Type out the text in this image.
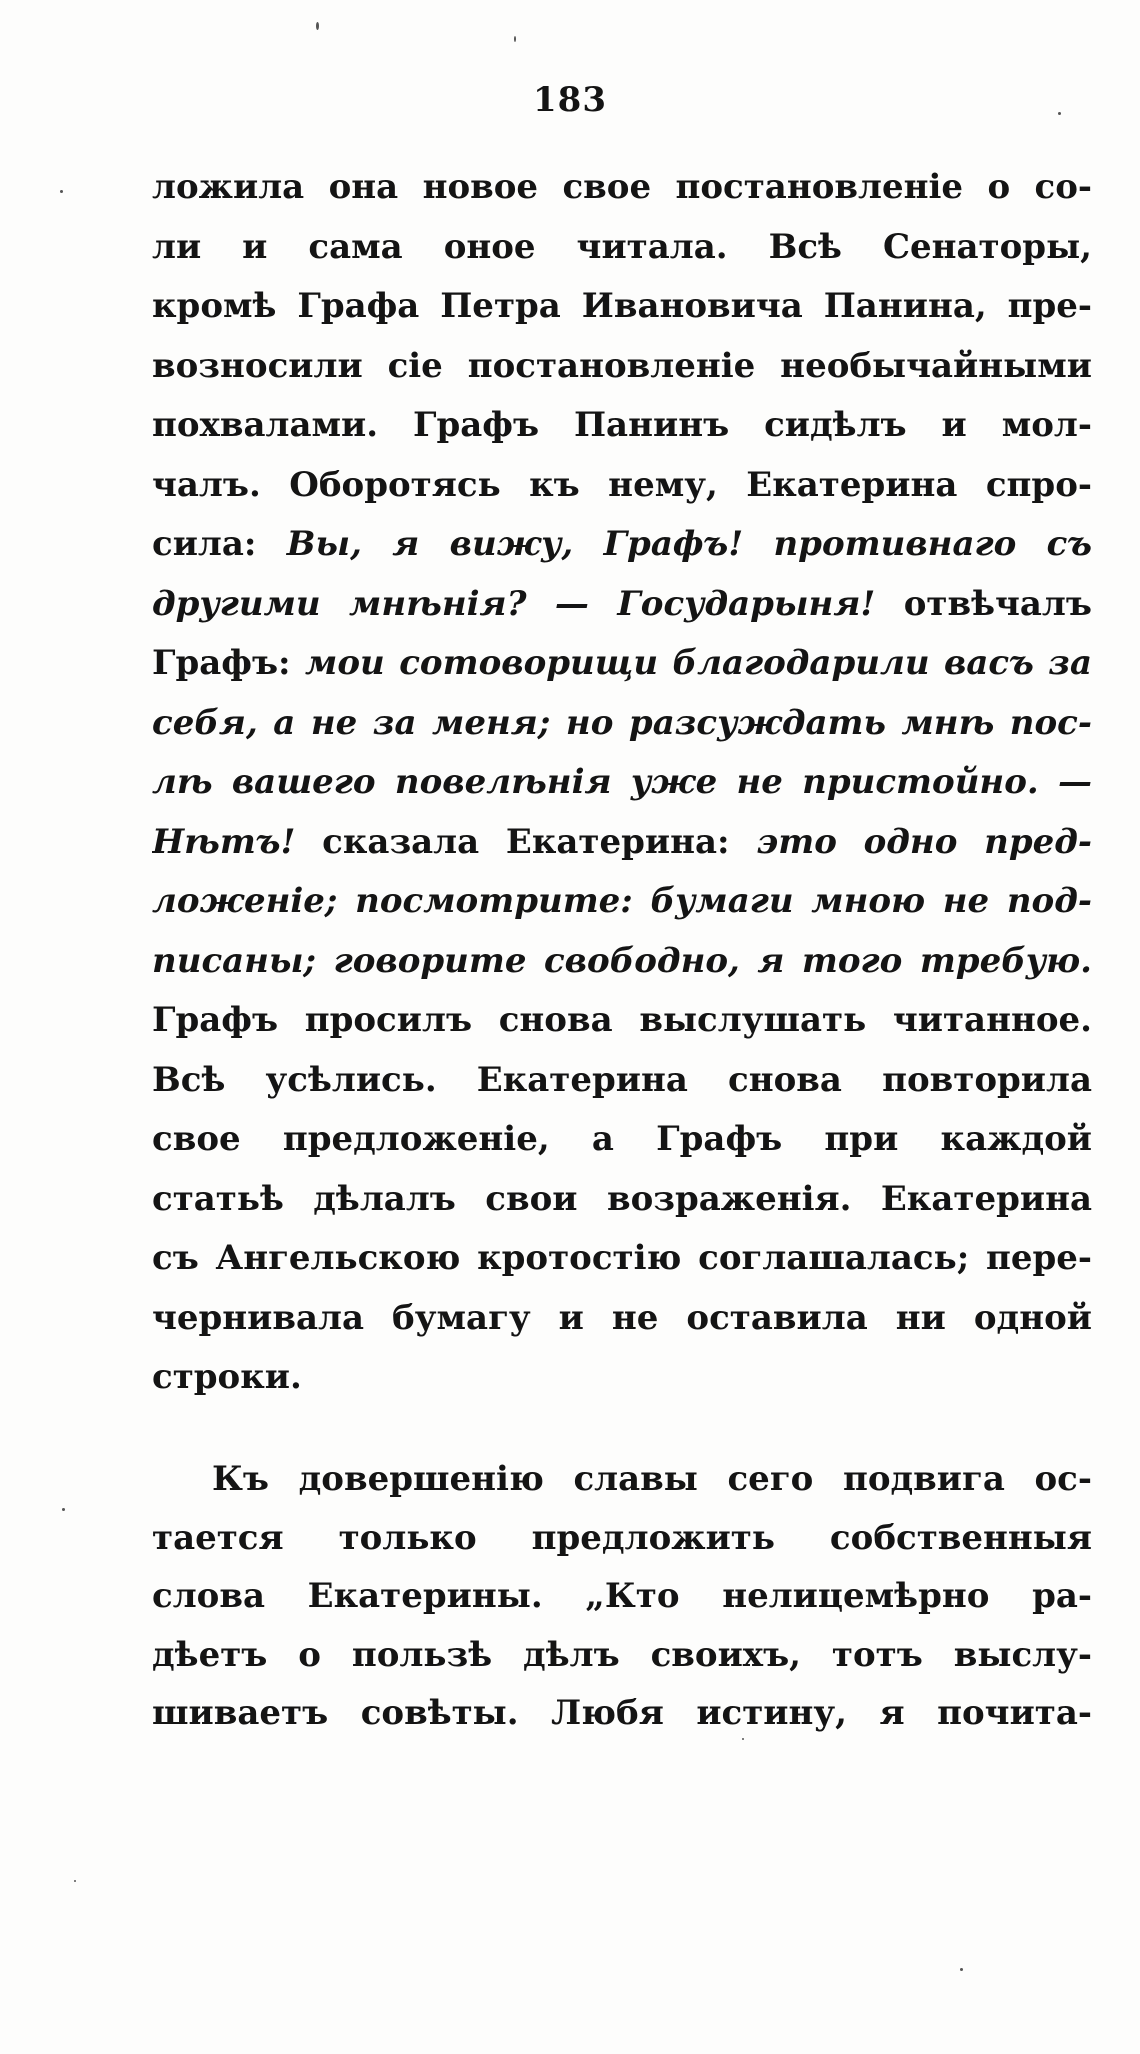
183
ложила она новое свое постановленіе о со-
ли и сама оное читала. Всѣ Сенаторы,
кромѣ Графа Петра Ивановича Панина, пре-
возносили сіе постановленіе необычайными
похвалами. Графъ Панинъ сидѣлъ и мол-
чалъ. Оборотясь къ нему, Екатерина спро-
сила: Вы, я вижу, Графъ! противнаго съ
другими мнѣнія? — Государыня! отвѣчалъ
Графъ: мои сотоворищи благодарили васъ за
себя, а не за меня; но разсуждать мнѣ пос-
лѣ вашего повелѣнія уже не пристойно. —
Нѣтъ! сказала Екатерина: это одно пред-
ложеніе; посмотрите: бумаги мною не под-
писаны; говорите свободно, я того требую.
Графъ просилъ снова выслушать читанное.
Всѣ усѣлись. Екатерина снова повторила
свое предложеніе, а Графъ при каждой
статьѣ дѣлалъ свои возраженія. Екатерина
съ Ангельскою кротостію соглашалась; пере-
чернивала бумагу и не оставила ни одной
строки.
Къ довершенію славы сего подвига ос-
тается только предложить собственныя
слова Екатерины. „Кто нелицемѣрно ра-
дѣетъ о пользѣ дѣлъ своихъ, тотъ выслу-
шиваетъ совѣты. Любя истину, я почита-
